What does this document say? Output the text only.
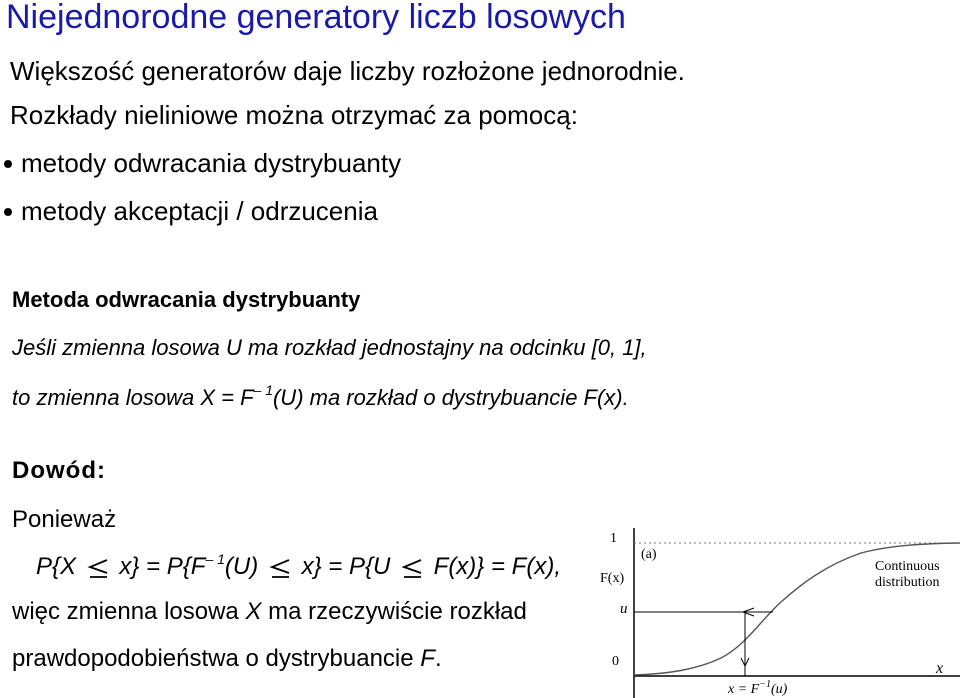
Niejednorodne generatory liczb losowych
Większość generatorów daje liczby rozłożone jednorodnie.
Rozkłady nieliniowe można otrzymać za pomocą:
metody odwracania dystrybuanty
metody akceptacji / odrzucenia
Metoda odwracania dystrybuanty
Jeśli zmienna losowa U ma rozkład jednostajny na odcinku [0, 1],
to zmienna losowa $X = F^{- 1}(U)$ ma rozkład o dystrybuancie F(x).
Dowód:
Ponieważ
P{X $x\} = P\{F^{- 1}(U) x\} = P\{U$ F(x)} = F(x),
więc zmienna losowa X ma rzeczywiście rozkład
prawdopodobieństwa o dystrybuancie F.
1
F(x)
u
0
(a)
Continuous
distribution
x
$x = F^{-1}(u)$
